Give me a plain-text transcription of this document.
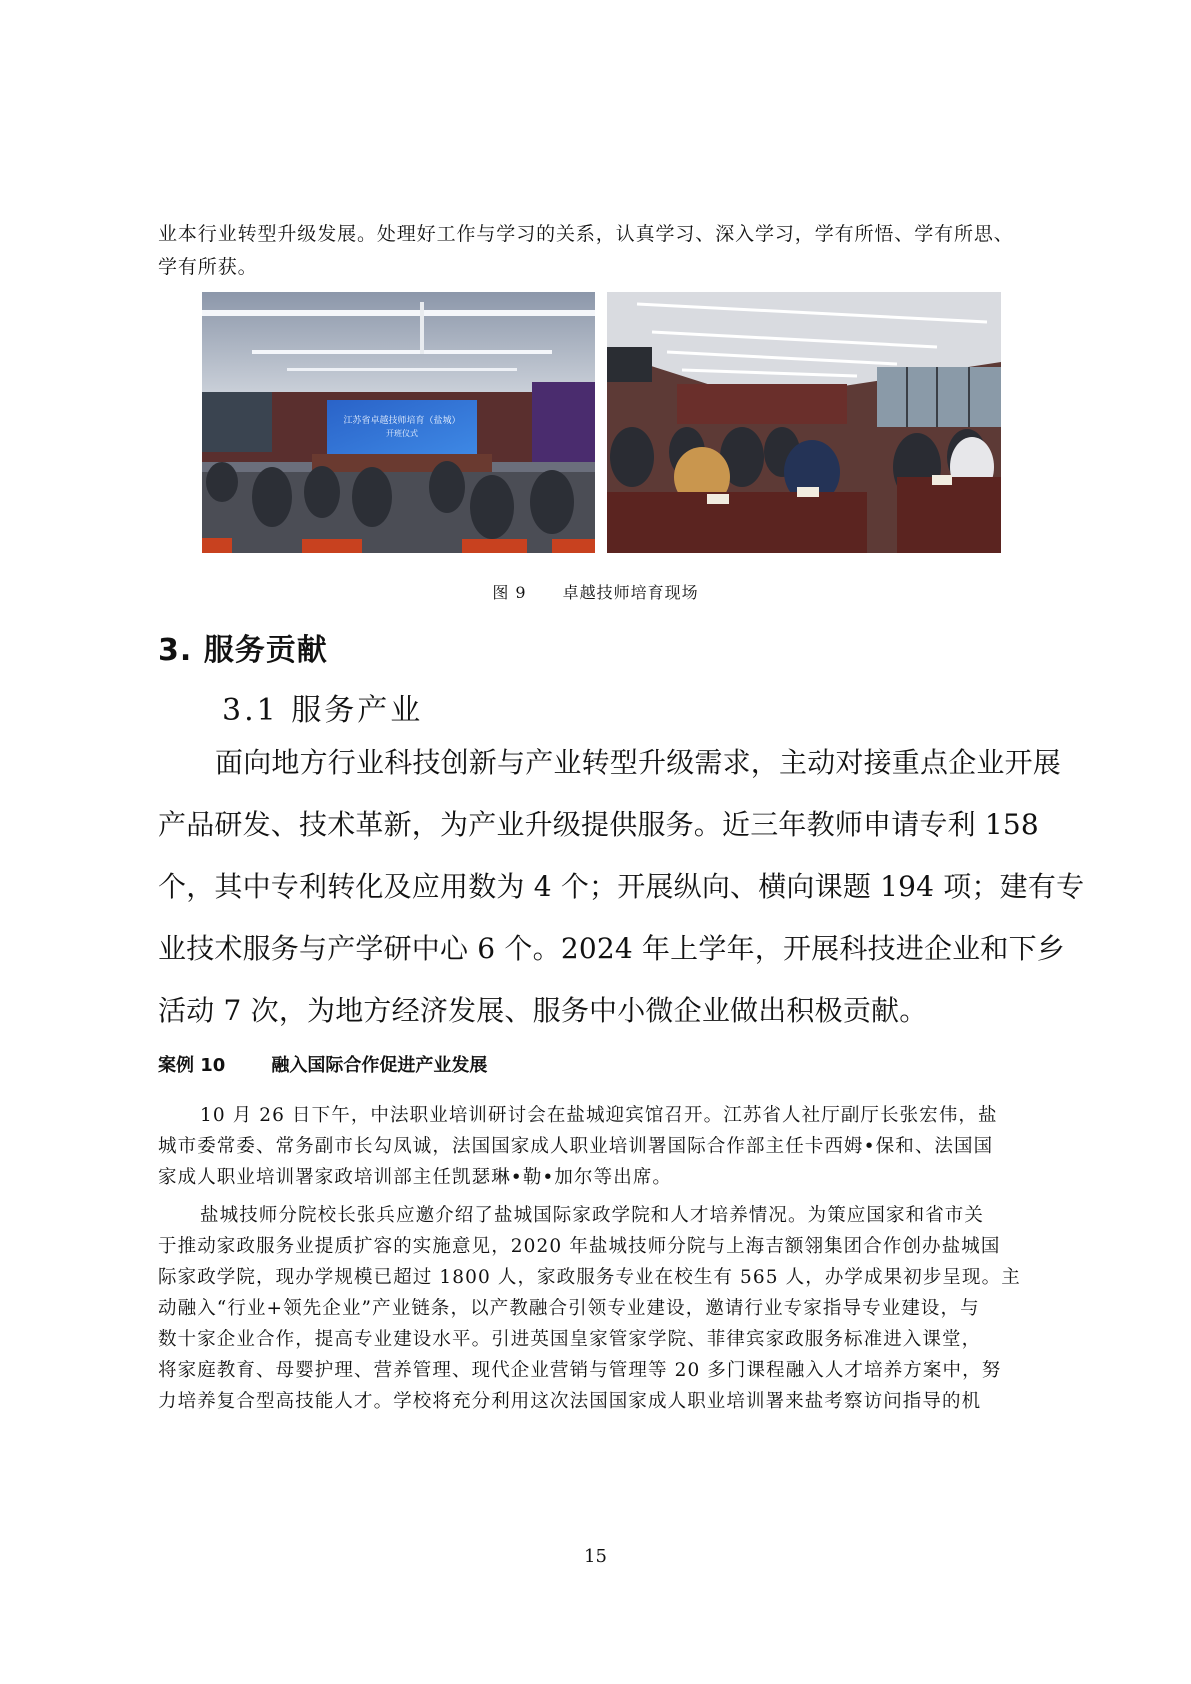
业本行业转型升级发展。处理好工作与学习的关系，认真学习、深入学习，学有所悟、学有所思、
学有所获。
江苏省卓越技师培育（盐城）
开班仪式
图 9 卓越技师培育现场
3. 服务贡献
3.1 服务产业
面向地方行业科技创新与产业转型升级需求，主动对接重点企业开展
产品研发、技术革新，为产业升级提供服务。近三年教师申请专利 158
个，其中专利转化及应用数为 4 个；开展纵向、横向课题 194 项；建有专
业技术服务与产学研中心 6 个。2024 年上学年，开展科技进企业和下乡
活动 7 次，为地方经济发展、服务中小微企业做出积极贡献。
案例 10	融入国际合作促进产业发展
10 月 26 日下午，中法职业培训研讨会在盐城迎宾馆召开。江苏省人社厅副厅长张宏伟，盐
城市委常委、常务副市长勾凤诚，法国国家成人职业培训署国际合作部主任卡西姆•保和、法国国
家成人职业培训署家政培训部主任凯瑟琳•勒•加尔等出席。
盐城技师分院校长张兵应邀介绍了盐城国际家政学院和人才培养情况。为策应国家和省市关
于推动家政服务业提质扩容的实施意见，2020 年盐城技师分院与上海吉额翎集团合作创办盐城国
际家政学院，现办学规模已超过 1800 人，家政服务专业在校生有 565 人，办学成果初步呈现。主
动融入“行业+领先企业”产业链条，以产教融合引领专业建设，邀请行业专家指导专业建设，与
数十家企业合作，提高专业建设水平。引进英国皇家管家学院、菲律宾家政服务标准进入课堂，
将家庭教育、母婴护理、营养管理、现代企业营销与管理等 20 多门课程融入人才培养方案中，努
力培养复合型高技能人才。学校将充分利用这次法国国家成人职业培训署来盐考察访问指导的机
15
